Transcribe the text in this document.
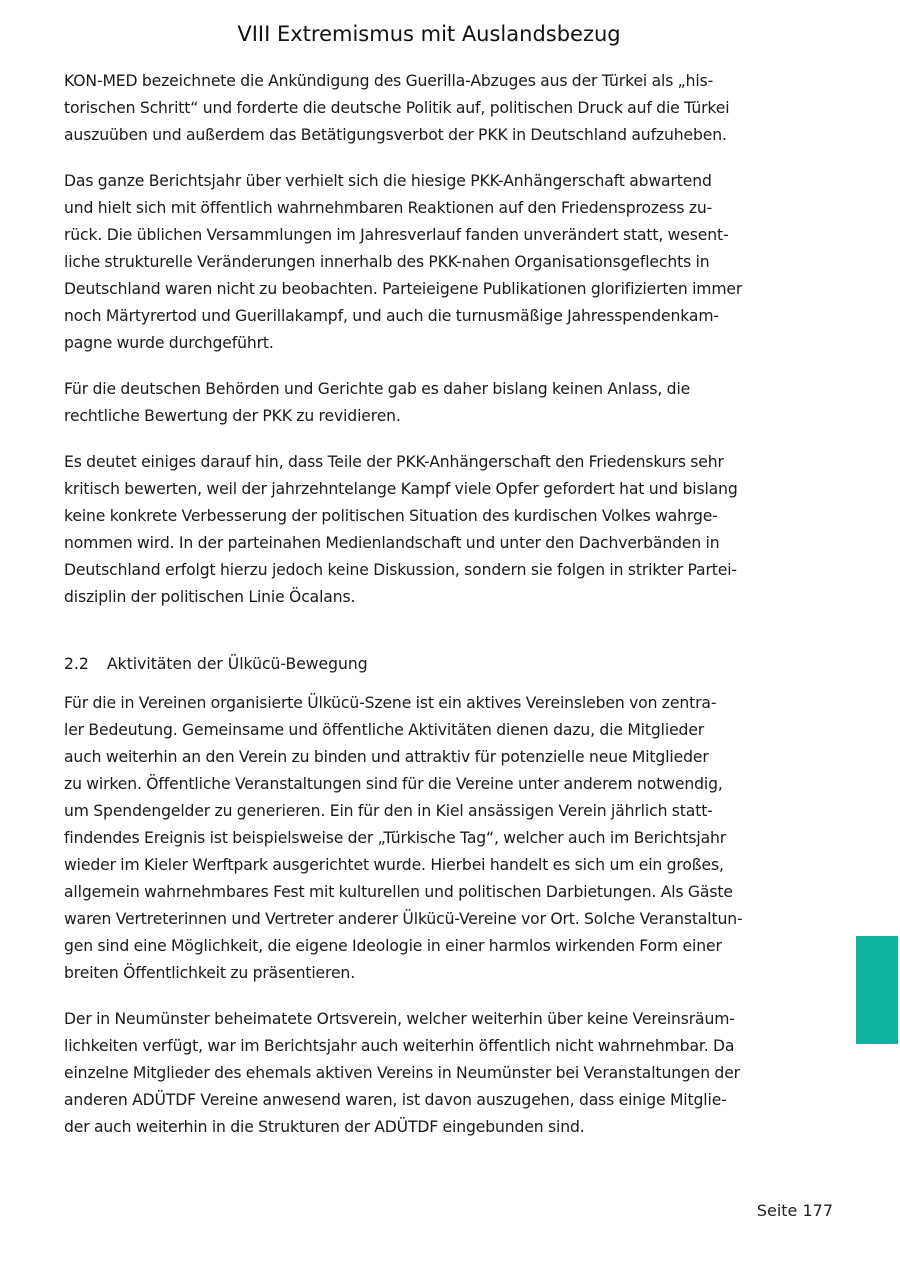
VIII Extremismus mit Auslandsbezug

KON-MED bezeichnete die Ankündigung des Guerilla-Abzuges aus der Türkei als „his-
torischen Schritt“ und forderte die deutsche Politik auf, politischen Druck auf die Türkei
auszuüben und außerdem das Betätigungsverbot der PKK in Deutschland aufzuheben.

Das ganze Berichtsjahr über verhielt sich die hiesige PKK-Anhängerschaft abwartend
und hielt sich mit öffentlich wahrnehmbaren Reaktionen auf den Friedensprozess zu-
rück. Die üblichen Versammlungen im Jahresverlauf fanden unverändert statt, wesent-
liche strukturelle Veränderungen innerhalb des PKK-nahen Organisationsgeflechts in
Deutschland waren nicht zu beobachten. Parteieigene Publikationen glorifizierten immer
noch Märtyrertod und Guerillakampf, und auch die turnusmäßige Jahresspendenkam-
pagne wurde durchgeführt.

Für die deutschen Behörden und Gerichte gab es daher bislang keinen Anlass, die
rechtliche Bewertung der PKK zu revidieren.

Es deutet einiges darauf hin, dass Teile der PKK-Anhängerschaft den Friedenskurs sehr
kritisch bewerten, weil der jahrzehntelange Kampf viele Opfer gefordert hat und bislang
keine konkrete Verbesserung der politischen Situation des kurdischen Volkes wahrge-
nommen wird. In der parteinahen Medienlandschaft und unter den Dachverbänden in
Deutschland erfolgt hierzu jedoch keine Diskussion, sondern sie folgen in strikter Partei-
disziplin der politischen Linie Öcalans.

2.2 Aktivitäten der Ülkücü-Bewegung

Für die in Vereinen organisierte Ülkücü-Szene ist ein aktives Vereinsleben von zentra-
ler Bedeutung. Gemeinsame und öffentliche Aktivitäten dienen dazu, die Mitglieder
auch weiterhin an den Verein zu binden und attraktiv für potenzielle neue Mitglieder
zu wirken. Öffentliche Veranstaltungen sind für die Vereine unter anderem notwendig,
um Spendengelder zu generieren. Ein für den in Kiel ansässigen Verein jährlich statt-
findendes Ereignis ist beispielsweise der „Türkische Tag“, welcher auch im Berichtsjahr
wieder im Kieler Werftpark ausgerichtet wurde. Hierbei handelt es sich um ein großes,
allgemein wahrnehmbares Fest mit kulturellen und politischen Darbietungen. Als Gäste
waren Vertreterinnen und Vertreter anderer Ülkücü-Vereine vor Ort. Solche Veranstaltun-
gen sind eine Möglichkeit, die eigene Ideologie in einer harmlos wirkenden Form einer
breiten Öffentlichkeit zu präsentieren.

Der in Neumünster beheimatete Ortsverein, welcher weiterhin über keine Vereinsräum-
lichkeiten verfügt, war im Berichtsjahr auch weiterhin öffentlich nicht wahrnehmbar. Da
einzelne Mitglieder des ehemals aktiven Vereins in Neumünster bei Veranstaltungen der
anderen ADÜTDF Vereine anwesend waren, ist davon auszugehen, dass einige Mitglie-
der auch weiterhin in die Strukturen der ADÜTDF eingebunden sind.

Seite 177
